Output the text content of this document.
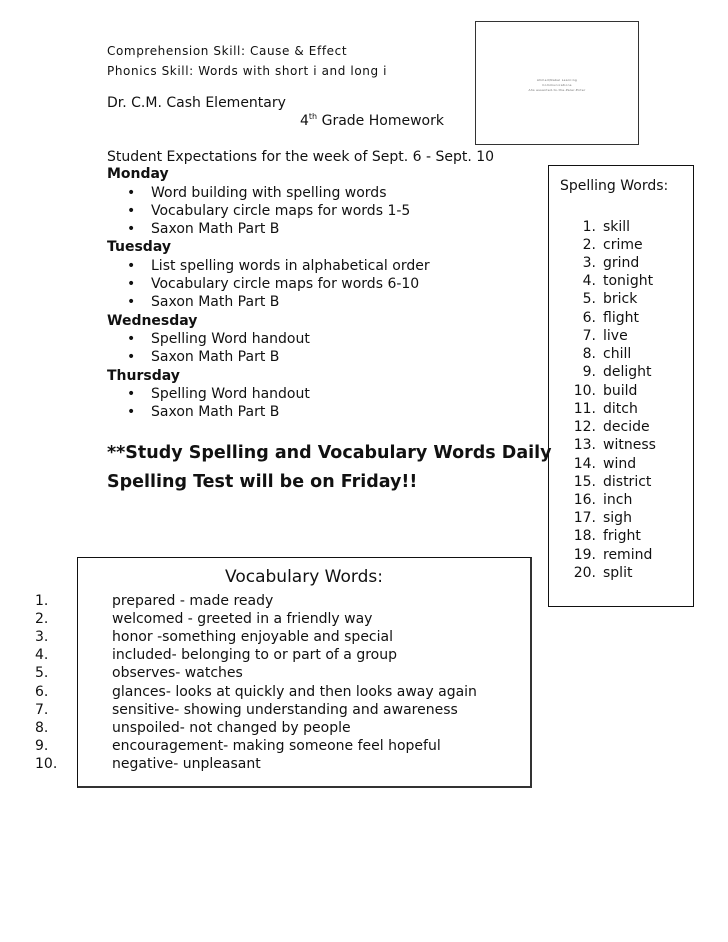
Comprehension Skill: Cause & Effect
Phonics Skill: Words with short i and long i
Dr. C.M. Cash Elementary
4th Grade Homework
Student Expectations for the week of Sept. 6 - Sept. 10
Ahmed/Nabel Learning
Communications
Ahs essanted-to-the-Paler-Enter
Monday
• Word building with spelling words
• Vocabulary circle maps for words 1-5
• Saxon Math Part B
Tuesday
• List spelling words in alphabetical order
• Vocabulary circle maps for words 6-10
• Saxon Math Part B
Wednesday
• Spelling Word handout
• Saxon Math Part B
Thursday
• Spelling Word handout
• Saxon Math Part B
**Study Spelling and Vocabulary Words Daily
Spelling Test will be on Friday!!
Spelling Words:
1. skill
2. crime
3. grind
4. tonight
5. brick
6. flight
7. live
8. chill
9. delight
10. build
11. ditch
12. decide
13. witness
14. wind
15. district
16. inch
17. sigh
18. fright
19. remind
20. split
Vocabulary Words:
1.	prepared - made ready
2.	welcomed - greeted in a friendly way
3.	honor -something enjoyable and special
4.	included- belonging to or part of a group
5.	observes- watches
6.	glances- looks at quickly and then looks away again
7.	sensitive- showing understanding and awareness
8.	unspoiled- not changed by people
9.	encouragement- making someone feel hopeful
10.	negative- unpleasant
